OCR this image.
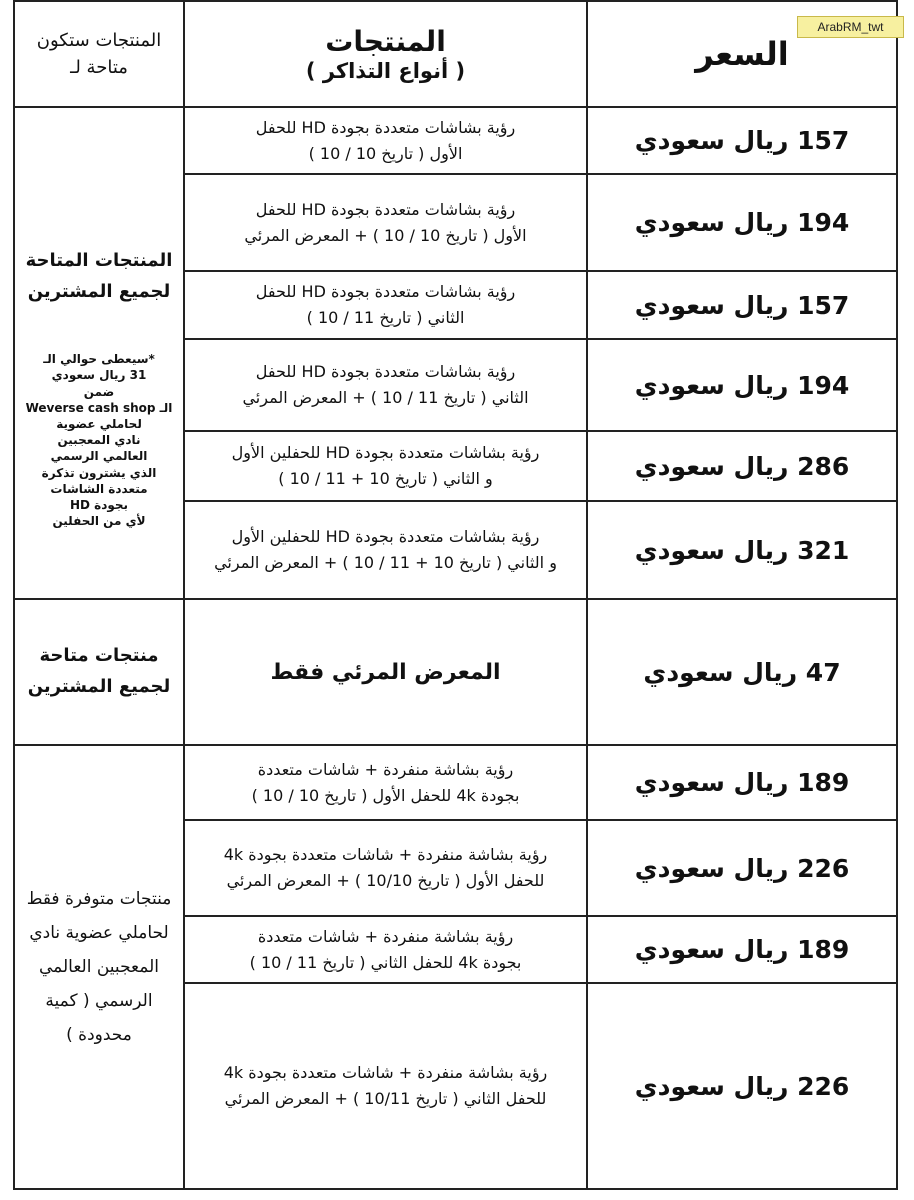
ArabRM_twt
السعر
المنتجات
( أنواع التذاكر )
المنتجات ستكون متاحة لـ
المنتجات المتاحة لجميع المشترين
*سيعطى حوالي الـ
31 ريال سعودي
ضمن
الـ Weverse cash shop
لحاملي عضوية
نادي المعجبين
العالمي الرسمي
الذي يشترون تذكرة
متعددة الشاشات
بجودة HD
لأي من الحفلين
رؤية بشاشات متعددة بجودة HD للحفل
الأول ( تاريخ 10 / 10 )	157 ريال سعودي
رؤية بشاشات متعددة بجودة HD للحفل
الأول ( تاريخ 10 / 10 ) + المعرض المرئي	194 ريال سعودي
رؤية بشاشات متعددة بجودة HD للحفل
الثاني ( تاريخ 11 / 10 )	157 ريال سعودي
رؤية بشاشات متعددة بجودة HD للحفل
الثاني ( تاريخ 11 / 10 ) + المعرض المرئي	194 ريال سعودي
رؤية بشاشات متعددة بجودة HD للحفلين الأول
و الثاني ( تاريخ 10 + 11 / 10 )	286 ريال سعودي
رؤية بشاشات متعددة بجودة HD للحفلين الأول
و الثاني ( تاريخ 10 + 11 / 10 ) + المعرض المرئي	321 ريال سعودي
منتجات متاحة لجميع المشترين
المعرض المرئي فقط	47 ريال سعودي
منتجات متوفرة فقط لحاملي عضوية نادي المعجبين العالمي الرسمي ( كمية محدودة )
رؤية بشاشة منفردة + شاشات متعددة
بجودة 4k للحفل الأول ( تاريخ 10 / 10 )	189 ريال سعودي
رؤية بشاشة منفردة + شاشات متعددة بجودة 4k
للحفل الأول ( تاريخ 10/10 ) + المعرض المرئي	226 ريال سعودي
رؤية بشاشة منفردة + شاشات متعددة
بجودة 4k للحفل الثاني ( تاريخ 11 / 10 )	189 ريال سعودي
رؤية بشاشة منفردة + شاشات متعددة بجودة 4k
للحفل الثاني ( تاريخ 10/11 ) + المعرض المرئي	226 ريال سعودي
